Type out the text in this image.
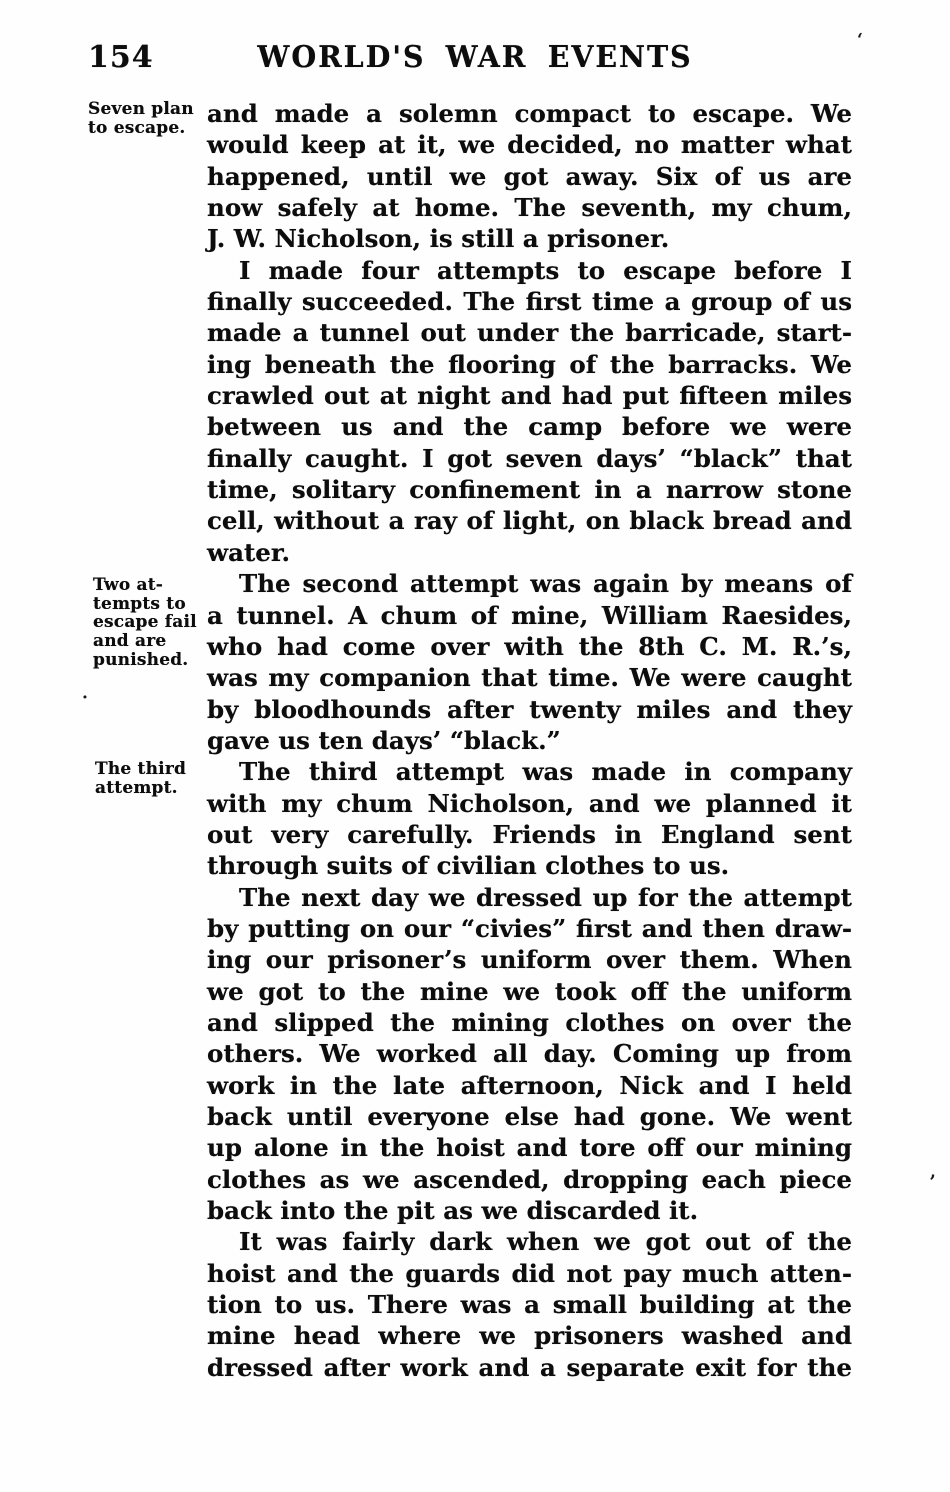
154	WORLD'S WAR EVENTS

and made a solemn compact to escape. We
would keep at it, we decided, no matter what
happened, until we got away. Six of us are
now safely at home. The seventh, my chum,
J. W. Nicholson, is still a prisoner.

I made four attempts to escape before I
finally succeeded. The first time a group of us
made a tunnel out under the barricade, start-
ing beneath the flooring of the barracks. We
crawled out at night and had put fifteen miles
between us and the camp before we were
finally caught. I got seven days’ “black” that
time, solitary confinement in a narrow stone
cell, without a ray of light, on black bread and
water.

The second attempt was again by means of
a tunnel. A chum of mine, William Raesides,
who had come over with the 8th C. M. R.’s,
was my companion that time. We were caught
by bloodhounds after twenty miles and they
gave us ten days’ “black.”

The third attempt was made in company
with my chum Nicholson, and we planned it
out very carefully. Friends in England sent
through suits of civilian clothes to us.

The next day we dressed up for the attempt
by putting on our “civies” first and then draw-
ing our prisoner’s uniform over them. When
we got to the mine we took off the uniform
and slipped the mining clothes on over the
others. We worked all day. Coming up from
work in the late afternoon, Nick and I held
back until everyone else had gone. We went
up alone in the hoist and tore off our mining
clothes as we ascended, dropping each piece
back into the pit as we discarded it.

It was fairly dark when we got out of the
hoist and the guards did not pay much atten-
tion to us. There was a small building at the
mine head where we prisoners washed and
dressed after work and a separate exit for the

Seven plan
to escape.
Two at-
tempts to
escape fail
and are
punished.
The third
attempt.
‘
,
·
